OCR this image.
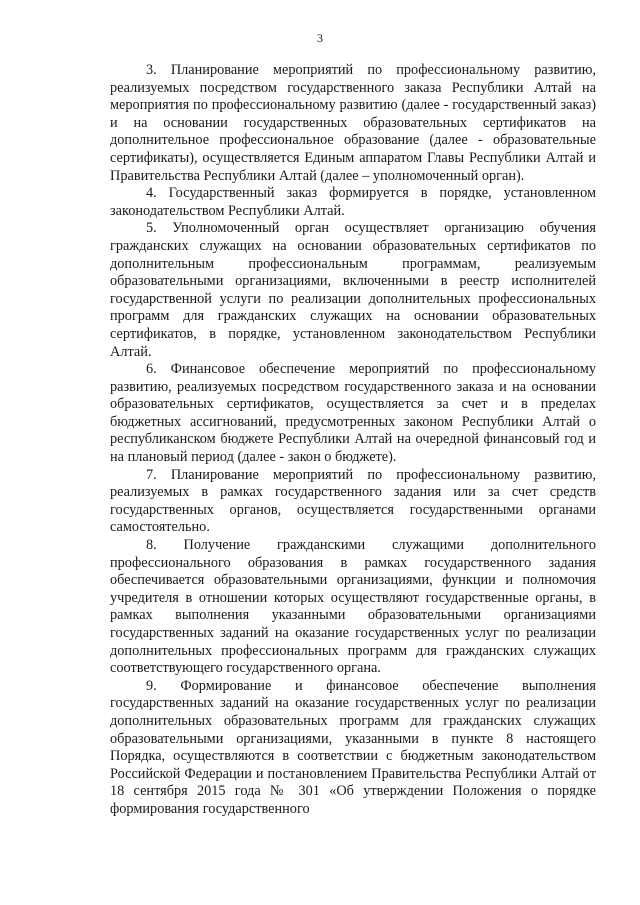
3

3. Планирование мероприятий по профессиональному развитию, реализуемых посредством государственного заказа Республики Алтай на мероприятия по профессиональному развитию (далее - государственный заказ) и на основании государственных образовательных сертификатов на дополнительное профессиональное образование (далее - образовательные сертификаты), осуществляется Единым аппаратом Главы Республики Алтай и Правительства Республики Алтай (далее – уполномоченный орган).

4. Государственный заказ формируется в порядке, установленном законодательством Республики Алтай.

5. Уполномоченный орган осуществляет организацию обучения гражданских служащих на основании образовательных сертификатов по дополнительным профессиональным программам, реализуемым образовательными организациями, включенными в реестр исполнителей государственной услуги по реализации дополнительных профессиональных программ для гражданских служащих на основании образовательных сертификатов, в порядке, установленном законодательством Республики Алтай.

6. Финансовое обеспечение мероприятий по профессиональному развитию, реализуемых посредством государственного заказа и на основании образовательных сертификатов, осуществляется за счет и в пределах бюджетных ассигнований, предусмотренных законом Республики Алтай о республиканском бюджете Республики Алтай на очередной финансовый год и на плановый период (далее - закон о бюджете).

7. Планирование мероприятий по профессиональному развитию, реализуемых в рамках государственного задания или за счет средств государственных органов, осуществляется государственными органами самостоятельно.

8. Получение гражданскими служащими дополнительного профессионального образования в рамках государственного задания обеспечивается образовательными организациями, функции и полномочия учредителя в отношении которых осуществляют государственные органы, в рамках выполнения указанными образовательными организациями государственных заданий на оказание государственных услуг по реализации дополнительных профессиональных программ для гражданских служащих соответствующего государственного органа.

9. Формирование и финансовое обеспечение выполнения государственных заданий на оказание государственных услуг по реализации дополнительных образовательных программ для гражданских служащих образовательными организациями, указанными в пункте 8 настоящего Порядка, осуществляются в соответствии с бюджетным законодательством Российской Федерации и постановлением Правительства Республики Алтай от 18 сентября 2015 года № 301 «Об утверждении Положения о порядке формирования государственного
